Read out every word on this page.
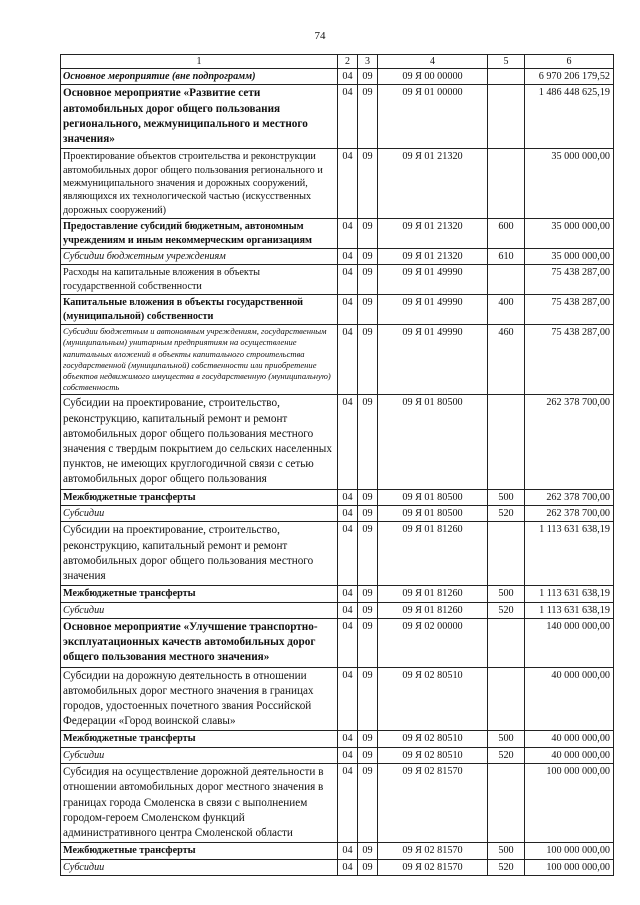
74
1	2	3	4	5	6
Основное мероприятие (вне подпрограмм)	04	09	09 Я 00 00000		6 970 206 179,52
Основное мероприятие «Развитие сети автомобильных дорог общего пользования регионального, межмуниципального и местного значения»	04	09	09 Я 01 00000		1 486 448 625,19
Проектирование объектов строительства и реконструкции автомобильных дорог общего пользования регионального и межмуниципального значения и дорожных сооружений, являющихся их технологической частью (искусственных дорожных сооружений)	04	09	09 Я 01 21320		35 000 000,00
Предоставление субсидий бюджетным, автономным учреждениям и иным некоммерческим организациям	04	09	09 Я 01 21320	600	35 000 000,00
Субсидии бюджетным учреждениям	04	09	09 Я 01 21320	610	35 000 000,00
Расходы на капитальные вложения в объекты государственной собственности	04	09	09 Я 01 49990		75 438 287,00
Капитальные вложения в объекты государственной (муниципальной) собственности	04	09	09 Я 01 49990	400	75 438 287,00
Субсидии бюджетным и автономным учреждениям, государственным (муниципальным) унитарным предприятиям на осуществление капитальных вложений в объекты капитального строительства государственной (муниципальной) собственности или приобретение объектов недвижимого имущества в государственную (муниципальную) собственность	04	09	09 Я 01 49990	460	75 438 287,00
Субсидии на проектирование, строительство, реконструкцию, капитальный ремонт и ремонт автомобильных дорог общего пользования местного значения с твердым покрытием до сельских населенных пунктов, не имеющих круглогодичной связи с сетью автомобильных дорог общего пользования	04	09	09 Я 01 80500		262 378 700,00
Межбюджетные трансферты	04	09	09 Я 01 80500	500	262 378 700,00
Субсидии	04	09	09 Я 01 80500	520	262 378 700,00
Субсидии на проектирование, строительство, реконструкцию, капитальный ремонт и ремонт автомобильных дорог общего пользования местного значения	04	09	09 Я 01 81260		1 113 631 638,19
Межбюджетные трансферты	04	09	09 Я 01 81260	500	1 113 631 638,19
Субсидии	04	09	09 Я 01 81260	520	1 113 631 638,19
Основное мероприятие «Улучшение транспортно-эксплуатационных качеств автомобильных дорог общего пользования местного значения»	04	09	09 Я 02 00000		140 000 000,00
Субсидии на дорожную деятельность в отношении автомобильных дорог местного значения в границах городов, удостоенных почетного звания Российской Федерации «Город воинской славы»	04	09	09 Я 02 80510		40 000 000,00
Межбюджетные трансферты	04	09	09 Я 02 80510	500	40 000 000,00
Субсидии	04	09	09 Я 02 80510	520	40 000 000,00
Субсидия на осуществление дорожной деятельности в отношении автомобильных дорог местного значения в границах города Смоленска в связи с выполнением городом-героем Смоленском функций административного центра Смоленской области	04	09	09 Я 02 81570		100 000 000,00
Межбюджетные трансферты	04	09	09 Я 02 81570	500	100 000 000,00
Субсидии	04	09	09 Я 02 81570	520	100 000 000,00
